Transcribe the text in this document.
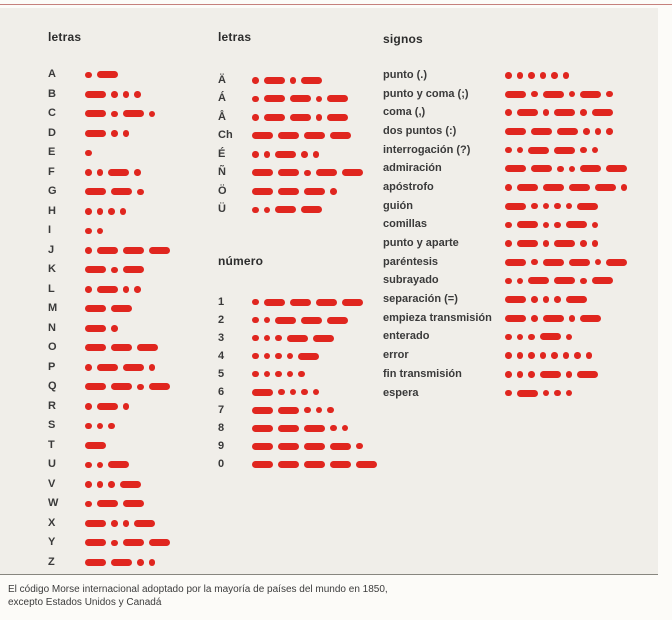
letras	letras	signos
número
A
B
C
D
E
F
G
H
I
J
K
L
M
N
O
P
Q
R
S
T
U
V
W
X
Y
Z
Ä
Á
Å
Ch
É
Ñ
Ö
Ü
1
2
3
4
5
6
7
8
9
0
punto (.)
punto y coma (;)
coma (,)
dos puntos (:)
interrogación (?)
admiración
apóstrofo
guión
comillas
punto y aparte
paréntesis
subrayado
separación (=)
empieza transmisión
enterado
error
fin transmisión
espera
El código Morse internacional adoptado por la mayoría de países del mundo en 1850,
excepto Estados Unidos y Canadá
